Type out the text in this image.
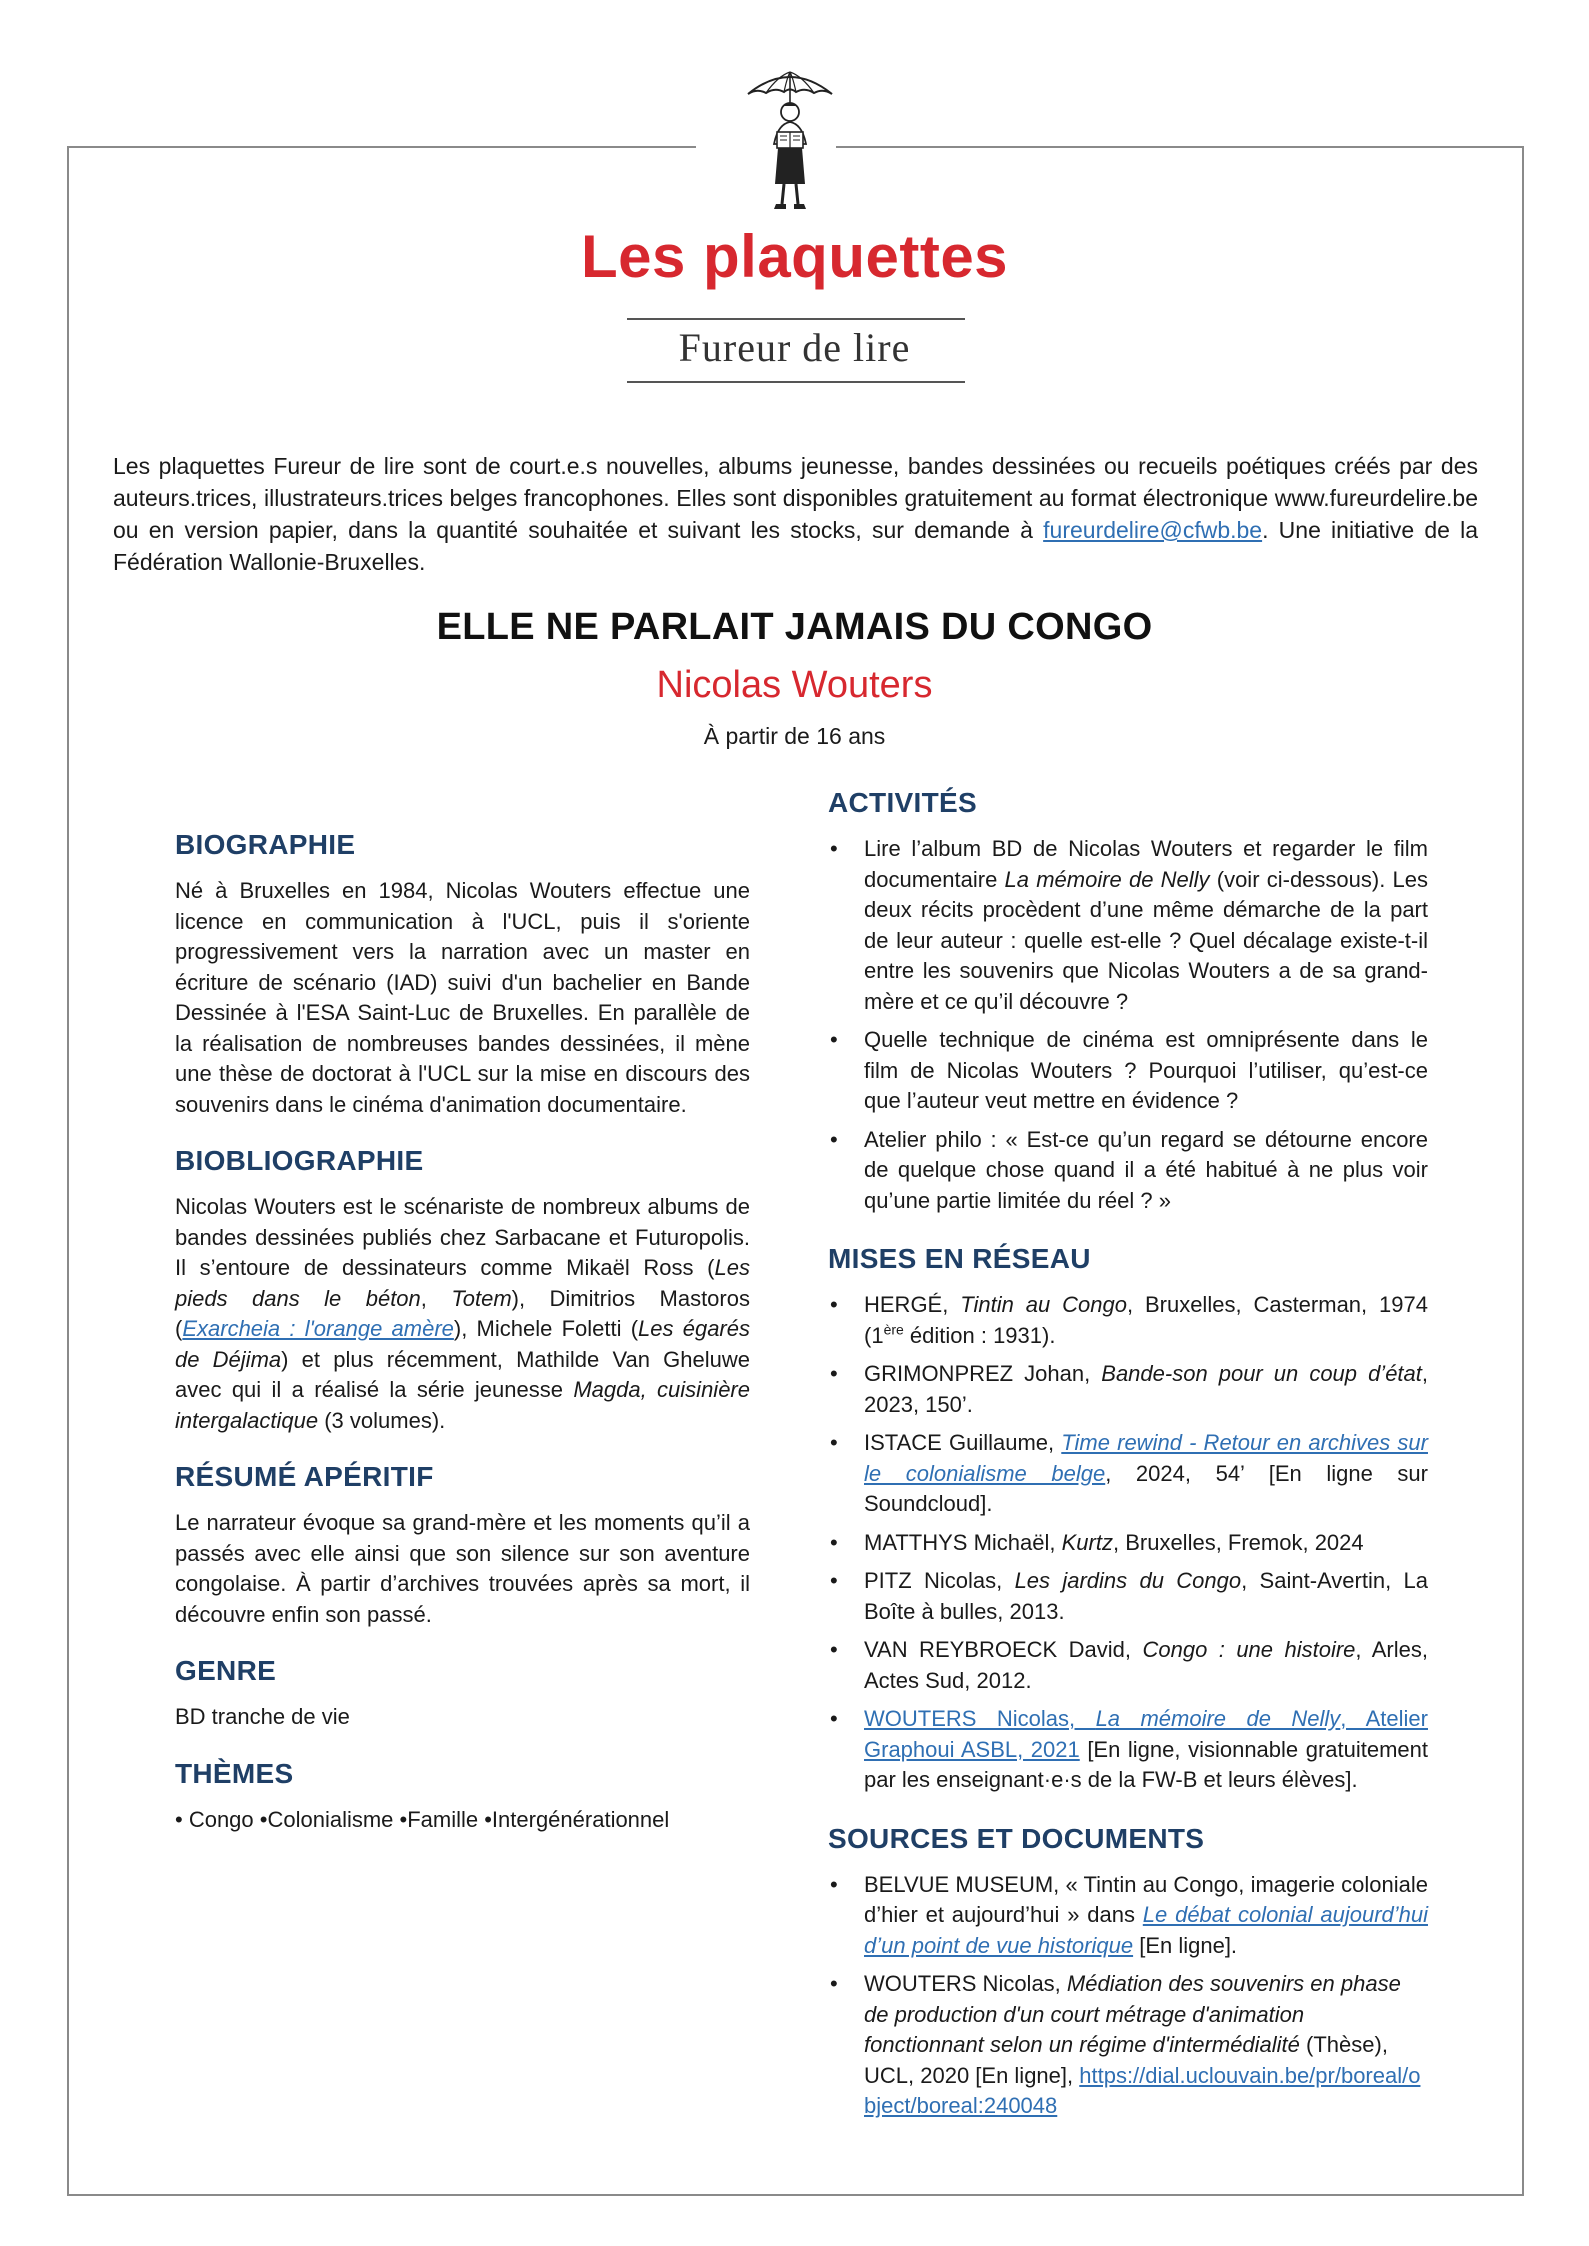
Les plaquettes
Fureur de lire
Les plaquettes Fureur de lire sont de court.e.s nouvelles, albums jeunesse, bandes dessinées ou recueils poétiques créés par des auteurs.trices, illustrateurs.trices belges francophones. Elles sont disponibles gratuitement au format électronique www.fureurdelire.be ou en version papier, dans la quantité souhaitée et suivant les stocks, sur demande à fureurdelire@cfwb.be. Une initiative de la Fédération Wallonie-Bruxelles.
ELLE NE PARLAIT JAMAIS DU CONGO
Nicolas Wouters
À partir de 16 ans
BIOGRAPHIE
Né à Bruxelles en 1984, Nicolas Wouters effectue une licence en communication à l'UCL, puis il s'oriente progressivement vers la narration avec un master en écriture de scénario (IAD) suivi d'un bachelier en Bande Dessinée à l'ESA Saint-Luc de Bruxelles. En parallèle de la réalisation de nombreuses bandes dessinées, il mène une thèse de doctorat à l'UCL sur la mise en discours des souvenirs dans le cinéma d'animation documentaire.
BIOBLIOGRAPHIE
Nicolas Wouters est le scénariste de nombreux albums de bandes dessinées publiés chez Sarbacane et Futuropolis. Il s’entoure de dessinateurs comme Mikaël Ross (Les pieds dans le béton, Totem), Dimitrios Mastoros (Exarcheia : l'orange amère), Michele Foletti (Les égarés de Déjima) et plus récemment, Mathilde Van Gheluwe avec qui il a réalisé la série jeunesse Magda, cuisinière intergalactique (3 volumes).
RÉSUMÉ APÉRITIF
Le narrateur évoque sa grand-mère et les moments qu’il a passés avec elle ainsi que son silence sur son aventure congolaise. À partir d’archives trouvées après sa mort, il découvre enfin son passé.
GENRE
BD tranche de vie
THÈMES
• Congo •Colonialisme •Famille •Intergénérationnel
ACTIVITÉS
• Lire l’album BD de Nicolas Wouters et regarder le film documentaire La mémoire de Nelly (voir ci-dessous). Les deux récits procèdent d’une même démarche de la part de leur auteur : quelle est-elle ? Quel décalage existe-t-il entre les souvenirs que Nicolas Wouters a de sa grand-mère et ce qu’il découvre ?
• Quelle technique de cinéma est omniprésente dans le film de Nicolas Wouters ? Pourquoi l’utiliser, qu’est-ce que l’auteur veut mettre en évidence ?
• Atelier philo : « Est-ce qu’un regard se détourne encore de quelque chose quand il a été habitué à ne plus voir qu’une partie limitée du réel ? »
MISES EN RÉSEAU
• HERGÉ, Tintin au Congo, Bruxelles, Casterman, 1974 (1ère édition : 1931).
• GRIMONPREZ Johan, Bande-son pour un coup d’état, 2023, 150’.
• ISTACE Guillaume, Time rewind - Retour en archives sur le colonialisme belge, 2024, 54’ [En ligne sur Soundcloud].
• MATTHYS Michaël, Kurtz, Bruxelles, Fremok, 2024
• PITZ Nicolas, Les jardins du Congo, Saint-Avertin, La Boîte à bulles, 2013.
• VAN REYBROECK David, Congo : une histoire, Arles, Actes Sud, 2012.
• WOUTERS Nicolas, La mémoire de Nelly, Atelier Graphoui ASBL, 2021 [En ligne, visionnable gratuitement par les enseignant·e·s de la FW-B et leurs élèves].
SOURCES ET DOCUMENTS
• BELVUE MUSEUM, « Tintin au Congo, imagerie coloniale d’hier et aujourd’hui » dans Le débat colonial aujourd’hui d’un point de vue historique [En ligne].
• WOUTERS Nicolas, Médiation des souvenirs en phase de production d'un court métrage d'animation fonctionnant selon un régime d'intermédialité (Thèse), UCL, 2020 [En ligne], https://dial.uclouvain.be/pr/boreal/object/boreal:240048
